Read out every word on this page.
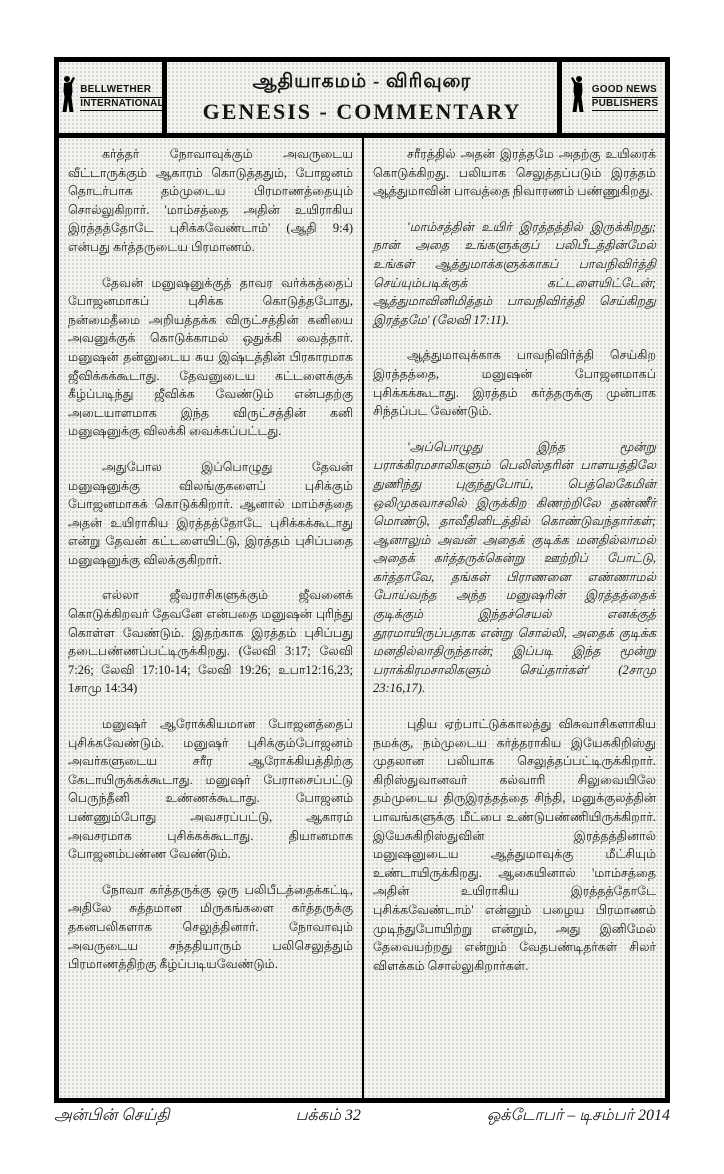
BELLWETHER
INTERNATIONAL
ஆதியாகமம் - விரிவுரை
GENESIS - COMMENTARY
GOOD NEWS
PUBLISHERS

கர்த்தர் நோவாவுக்கும் அவருடைய வீட்டாருக்கும் ஆகாரம் கொடுத்ததும், போஜனம் தொடர்பாக தம்முடைய பிரமாணத்தையும் சொல்லுகிறார். 'மாம்சத்தை அதின் உயிராகிய இரத்தத்தோடே புசிக்கவேண்டாம்' (ஆதி 9:4) என்பது கர்த்தருடைய பிரமாணம்.

தேவன் மனுஷனுக்குத் தாவர வர்க்கத்தைப் போஜனமாகப் புசிக்க கொடுத்தபோது, நன்மைதீமை அறியத்தக்க விருட்சத்தின் கனியை அவனுக்குக் கொடுக்காமல் ஒதுக்கி வைத்தார். மனுஷன் தன்னுடைய சுய இஷ்டத்தின் பிரகாரமாக ஜீவிக்கக்கூடாது. தேவனுடைய கட்டளைக்குக் கீழ்ப்படிந்து ஜீவிக்க வேண்டும் என்பதற்கு அடையாளமாக இந்த விருட்சத்தின் கனி மனுஷனுக்கு விலக்கி வைக்கப்பட்டது.

அதுபோல இப்பொழுது தேவன் மனுஷனுக்கு விலங்குகளைப் புசிக்கும் போஜனமாகக் கொடுக்கிறார். ஆனால் மாம்சத்தை அதன் உயிராகிய இரத்தத்தோடே புசிக்கக்கூடாது என்று தேவன் கட்டளையிட்டு, இரத்தம் புசிப்பதை மனுஷனுக்கு விலக்குகிறார்.

எல்லா ஜீவராசிகளுக்கும் ஜீவனைக் கொடுக்கிறவர் தேவனே என்பதை மனுஷன் புரிந்து கொள்ள வேண்டும். இதற்காக இரத்தம் புசிப்பது தடைபண்ணப்பட்டிருக்கிறது. (லேவி 3:17; லேவி 7:26; லேவி 17:10-14; லேவி 19:26; உபா12:16,23; 1சாமு 14:34)

மனுஷர் ஆரோக்கியமான போஜனத்தைப் புசிக்கவேண்டும். மனுஷர் புசிக்கும்போஜனம் அவர்களுடைய சரீர ஆரோக்கியத்திற்கு கேடாயிருக்கக்கூடாது. மனுஷர் பேராசைப்பட்டு பெருந்தீனி உண்ணக்கூடாது. போஜனம் பண்ணும்போது அவசரப்பட்டு, ஆகாரம் அவசரமாக புசிக்கக்கூடாது. தியானமாக போஜனம்பண்ண வேண்டும்.

நோவா கர்த்தருக்கு ஒரு பலிபீடத்தைக்கட்டி, அதிலே சுத்தமான மிருகங்களை கர்த்தருக்கு தகனபலிகளாக செலுத்தினார். நோவாவும் அவருடைய சந்ததியாரும் பலிசெலுத்தும் பிரமாணத்திற்கு கீழ்ப்படியவேண்டும்.

சரீரத்தில் அதன் இரத்தமே அதற்கு உயிரைக் கொடுக்கிறது. பலியாக செலுத்தப்படும் இரத்தம் ஆத்துமாவின் பாவத்தை நிவாரணம் பண்ணுகிறது.

'மாம்சத்தின் உயிர் இரத்தத்தில் இருக்கிறது; நான் அதை உங்களுக்குப் பலிபீடத்தின்மேல் உங்கள் ஆத்துமாக்களுக்காகப் பாவநிவிர்த்தி செய்யும்படிக்குக் கட்டளையிட்டேன்; ஆத்துமாவினிமித்தம் பாவநிவிர்த்தி செய்கிறது இரத்தமே' (லேவி 17:11).

ஆத்துமாவுக்காக பாவநிவிர்த்தி செய்கிற இரத்தத்தை, மனுஷன் போஜனமாகப் புசிக்கக்கூடாது. இரத்தம் கர்த்தருக்கு முன்பாக சிந்தப்பட வேண்டும்.

'அப்பொழுது இந்த மூன்று பராக்கிரமசாலிகளும் பெலிஸ்தரின் பாளயத்திலே துணிந்து புகுந்துபோய், பெத்லெகேமின் ஒலிமுகவாசலில் இருக்கிற கிணற்றிலே தண்ணீர் மொண்டு, தாவீதினிடத்தில் கொண்டுவந்தார்கள்; ஆனாலும் அவன் அதைக் குடிக்க மனதில்லாமல் அதைக் கர்த்தருக்கென்று ஊற்றிப் போட்டு, கர்த்தாவே, தங்கள் பிராணனை எண்ணாமல் போய்வந்த அந்த மனுஷரின் இரத்தத்தைக் குடிக்கும் இந்தச்செயல் எனக்குத் தூரமாயிருப்பதாக என்று சொல்லி, அதைக் குடிக்க மனதில்லாதிருந்தான்; இப்படி இந்த மூன்று பராக்கிரமசாலிகளும் செய்தார்கள்' (2சாமு 23:16,17).

புதிய ஏற்பாட்டுக்காலத்து விசுவாசிகளாகிய நமக்கு, நம்முடைய கர்த்தராகிய இயேசுகிறிஸ்து முதலான பலியாக செலுத்தப்பட்டிருக்கிறார். கிறிஸ்துவானவர் கல்வாரி சிலுவையிலே தம்முடைய திருஇரத்தத்தை சிந்தி, மனுக்குலத்தின் பாவங்களுக்கு மீட்பை உண்டுபண்ணியிருக்கிறார். இயேசுகிறிஸ்துவின் இரத்தத்தினால் மனுஷனுடைய ஆத்துமாவுக்கு மீட்சியும் உண்டாயிருக்கிறது. ஆகையினால் 'மாம்சத்தை அதின் உயிராகிய இரத்தத்தோடே புசிக்கவேண்டாம்' என்னும் பழைய பிரமாணம் முடிந்துபோயிற்று என்றும், அது இனிமேல் தேவையற்றது என்றும் வேதபண்டிதர்கள் சிலர் விளக்கம் சொல்லுகிறார்கள்.

அன்பின் செய்தி	பக்கம் 32	ஒக்டோபர் – டிசம்பர் 2014
